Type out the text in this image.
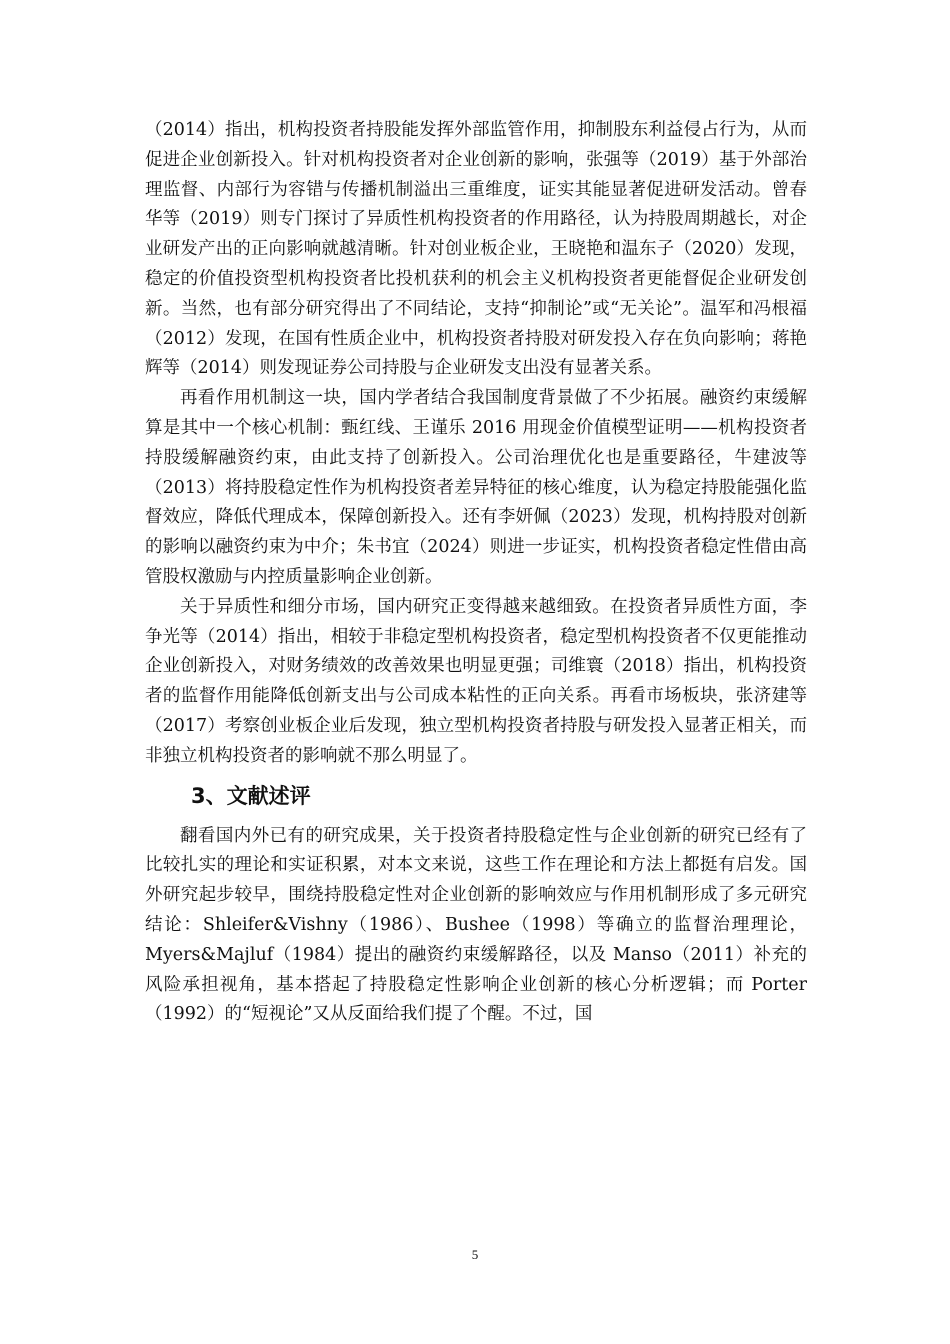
（2014）指出，机构投资者持股能发挥外部监管作用，抑制股东利益侵占行为，从而促进企业创新投入。针对机构投资者对企业创新的影响，张强等（2019）基于外部治理监督、内部行为容错与传播机制溢出三重维度，证实其能显著促进研发活动。曾春华等（2019）则专门探讨了异质性机构投资者的作用路径，认为持股周期越长，对企业研发产出的正向影响就越清晰。针对创业板企业，王晓艳和温东子（2020）发现，稳定的价值投资型机构投资者比投机获利的机会主义机构投资者更能督促企业研发创新。当然，也有部分研究得出了不同结论，支持“抑制论”或“无关论”。温军和冯根福（2012）发现，在国有性质企业中，机构投资者持股对研发投入存在负向影响；蒋艳辉等（2014）则发现证券公司持股与企业研发支出没有显著关系。

再看作用机制这一块，国内学者结合我国制度背景做了不少拓展。融资约束缓解算是其中一个核心机制：甄红线、王谨乐 2016 用现金价值模型证明——机构投资者持股缓解融资约束，由此支持了创新投入。公司治理优化也是重要路径，牛建波等（2013）将持股稳定性作为机构投资者差异特征的核心维度，认为稳定持股能强化监督效应，降低代理成本，保障创新投入。还有李妍佩（2023）发现，机构持股对创新的影响以融资约束为中介；朱书宜（2024）则进一步证实，机构投资者稳定性借由高管股权激励与内控质量影响企业创新。

关于异质性和细分市场，国内研究正变得越来越细致。在投资者异质性方面，李争光等（2014）指出，相较于非稳定型机构投资者，稳定型机构投资者不仅更能推动企业创新投入，对财务绩效的改善效果也明显更强；司维寰（2018）指出，机构投资者的监督作用能降低创新支出与公司成本粘性的正向关系。再看市场板块，张济建等（2017）考察创业板企业后发现，独立型机构投资者持股与研发投入显著正相关，而非独立机构投资者的影响就不那么明显了。

3、文献述评

翻看国内外已有的研究成果，关于投资者持股稳定性与企业创新的研究已经有了比较扎实的理论和实证积累，对本文来说，这些工作在理论和方法上都挺有启发。国外研究起步较早，围绕持股稳定性对企业创新的影响效应与作用机制形成了多元研究结论：Shleifer&Vishny（1986）、Bushee（1998）等确立的监督治理理论，Myers&Majluf（1984）提出的融资约束缓解路径，以及 Manso（2011）补充的风险承担视角，基本搭起了持股稳定性影响企业创新的核心分析逻辑；而 Porter（1992）的“短视论”又从反面给我们提了个醒。不过，国

5
